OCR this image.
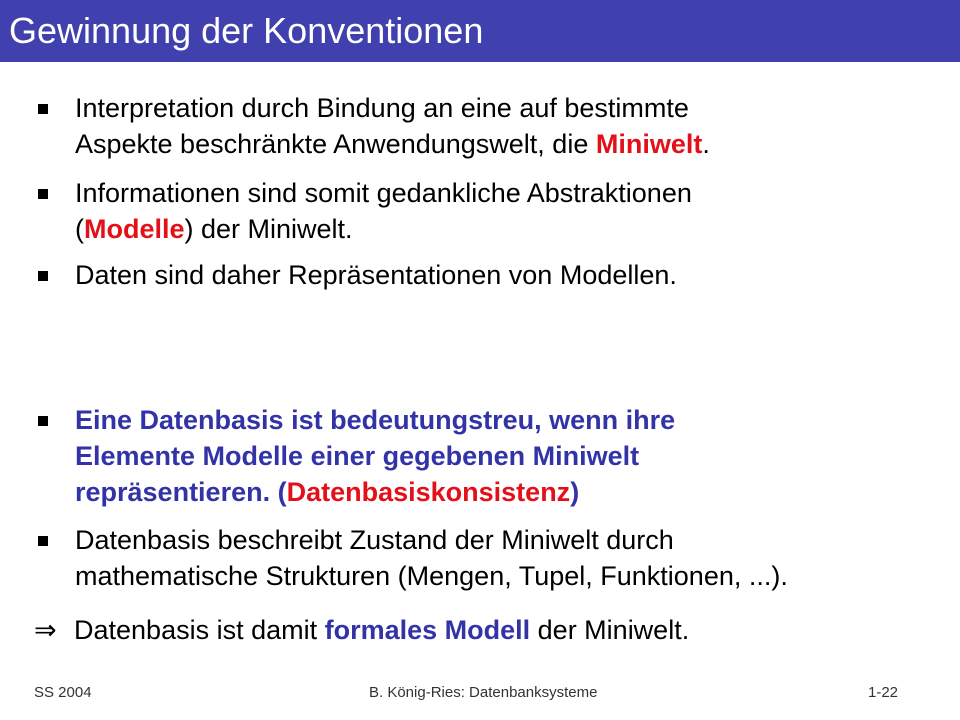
Gewinnung der Konventionen
Interpretation durch Bindung an eine auf bestimmte
Aspekte beschränkte Anwendungswelt, die Miniwelt.
Informationen sind somit gedankliche Abstraktionen
(Modelle) der Miniwelt.
Daten sind daher Repräsentationen von Modellen.
Eine Datenbasis ist bedeutungstreu, wenn ihre
Elemente Modelle einer gegebenen Miniwelt
repräsentieren. (Datenbasiskonsistenz)
Datenbasis beschreibt Zustand der Miniwelt durch
mathematische Strukturen (Mengen, Tupel, Funktionen, ...).
⇒ Datenbasis ist damit formales Modell der Miniwelt.
SS 2004	B. König-Ries: Datenbanksysteme	1-22
